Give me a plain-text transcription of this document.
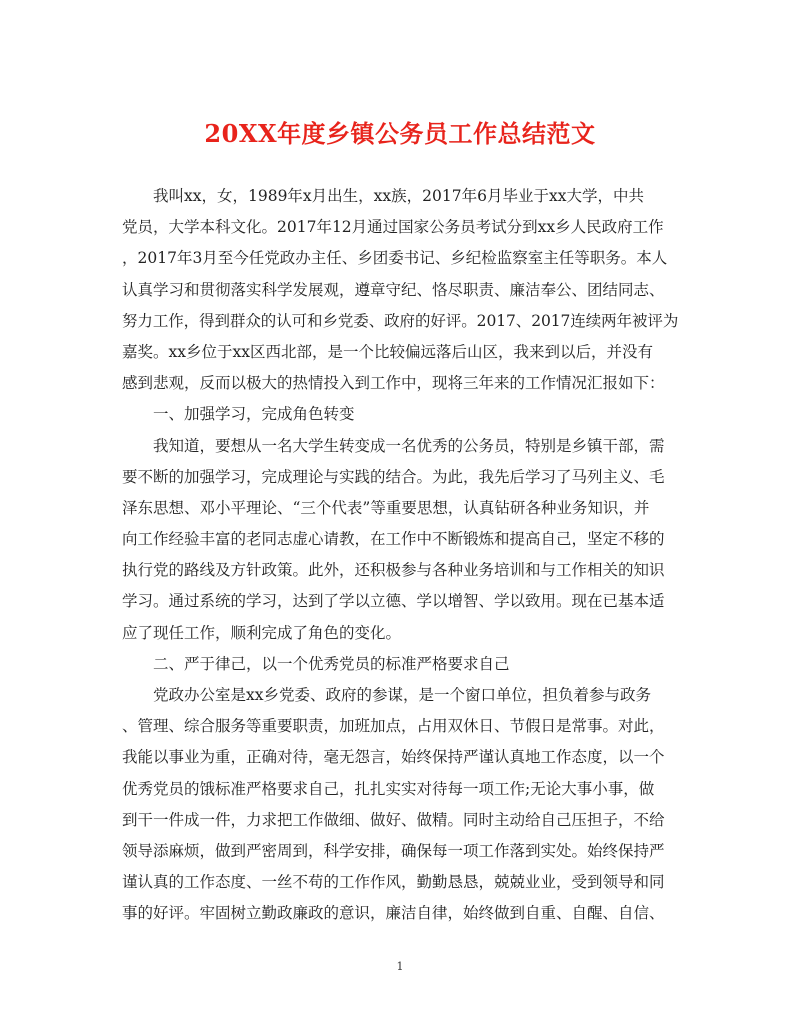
20XX年度乡镇公务员工作总结范文
我叫xx，女，1989年x月出生，xx族，2017年6月毕业于xx大学，中共
党员，大学本科文化。2017年12月通过国家公务员考试分到xx乡人民政府工作
，2017年3月至今任党政办主任、乡团委书记、乡纪检监察室主任等职务。本人
认真学习和贯彻落实科学发展观，遵章守纪、恪尽职责、廉洁奉公、团结同志、
努力工作，得到群众的认可和乡党委、政府的好评。2017、2017连续两年被评为
嘉奖。xx乡位于xx区西北部，是一个比较偏远落后山区，我来到以后，并没有
感到悲观，反而以极大的热情投入到工作中，现将三年来的工作情况汇报如下：
一、加强学习，完成角色转变
我知道，要想从一名大学生转变成一名优秀的公务员，特别是乡镇干部，需
要不断的加强学习，完成理论与实践的结合。为此，我先后学习了马列主义、毛
泽东思想、邓小平理论、“三个代表”等重要思想，认真钻研各种业务知识，并
向工作经验丰富的老同志虚心请教，在工作中不断锻炼和提高自己，坚定不移的
执行党的路线及方针政策。此外，还积极参与各种业务培训和与工作相关的知识
学习。通过系统的学习，达到了学以立德、学以增智、学以致用。现在已基本适
应了现任工作，顺利完成了角色的变化。
二、严于律己，以一个优秀党员的标准严格要求自己
党政办公室是xx乡党委、政府的参谋，是一个窗口单位，担负着参与政务
、管理、综合服务等重要职责，加班加点，占用双休日、节假日是常事。对此，
我能以事业为重，正确对待，毫无怨言，始终保持严谨认真地工作态度，以一个
优秀党员的饿标准严格要求自己，扎扎实实对待每一项工作;无论大事小事，做
到干一件成一件，力求把工作做细、做好、做精。同时主动给自己压担子，不给
领导添麻烦，做到严密周到，科学安排，确保每一项工作落到实处。始终保持严
谨认真的工作态度、一丝不苟的工作作风，勤勤恳恳，兢兢业业，受到领导和同
事的好评。牢固树立勤政廉政的意识，廉洁自律，始终做到自重、自醒、自信、
1
